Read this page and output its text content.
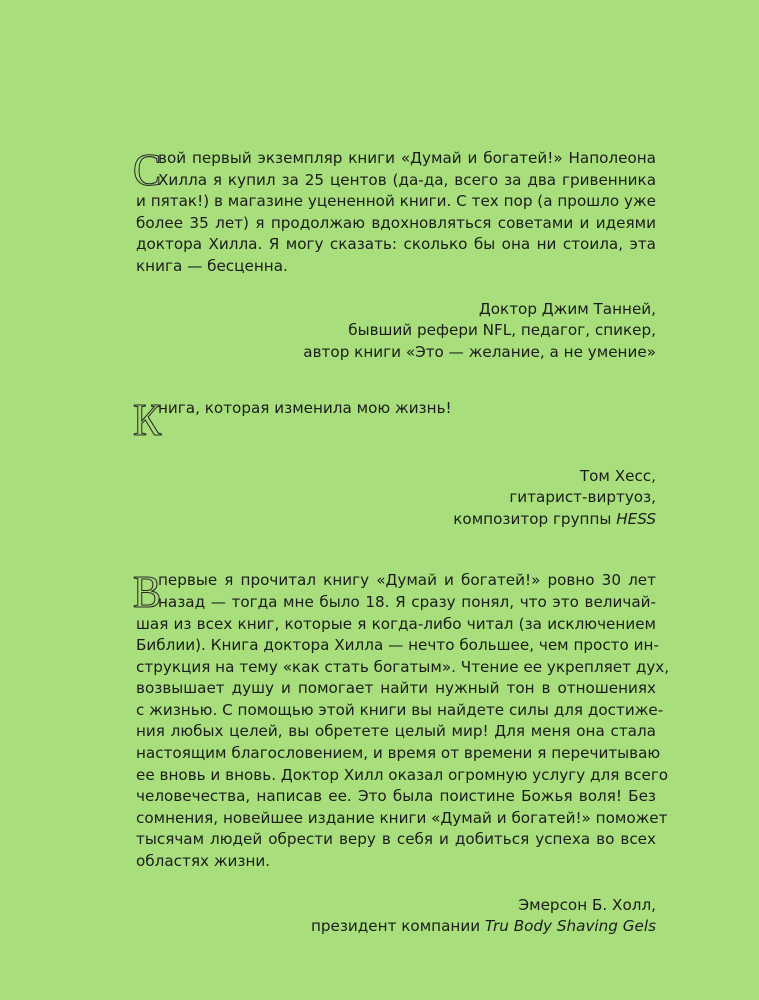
С
вой первый экземпляр книги «Думай и богатей!» Наполеона
Хилла я купил за 25 центов (да-да, всего за два гривенника
и пятак!) в магазине уцененной книги. С тех пор (а прошло уже
более 35 лет) я продолжаю вдохновляться советами и идеями
доктора Хилла. Я могу сказать: сколько бы она ни стоила, эта
книга — бесценна.
Доктор Джим Танней,
бывший рефери NFL, педагог, спикер,
автор книги «Это — желание, а не умение»
К
нига, которая изменила мою жизнь!

Том Хесс,
гитарист-виртуоз,
композитор группы HESS
В
первые я прочитал книгу «Думай и богатей!» ровно 30 лет
назад — тогда мне было 18. Я сразу понял, что это величай-
шая из всех книг, которые я когда-либо читал (за исключением
Библии). Книга доктора Хилла — нечто большее, чем просто ин-
струкция на тему «как стать богатым». Чтение ее укрепляет дух,
возвышает душу и помогает найти нужный тон в отношениях
с жизнью. С помощью этой книги вы найдете силы для достиже-
ния любых целей, вы обретете целый мир! Для меня она стала
настоящим благословением, и время от времени я перечитываю
ее вновь и вновь. Доктор Хилл оказал огромную услугу для всего
человечества, написав ее. Это была поистине Божья воля! Без
сомнения, новейшее издание книги «Думай и богатей!» поможет
тысячам людей обрести веру в себя и добиться успеха во всех
областях жизни.
Эмерсон Б. Холл,
президент компании Tru Body Shaving Gels
